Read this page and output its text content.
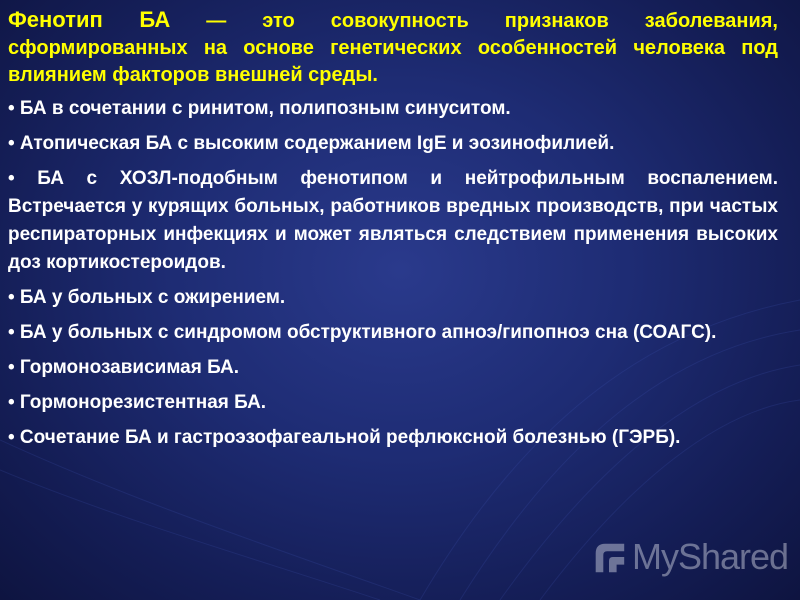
Фенотип БА — это совокупность признаков заболевания, сформированных на основе генетических особенностей человека под влиянием факторов внешней среды.

• БА в сочетании с ринитом, полипозным синуситом.
• Атопическая БА с высоким содержанием IgE и эозинофилией.
• БА с ХОЗЛ-подобным фенотипом и нейтрофильным воспалением. Встречается у курящих больных, работников вредных производств, при частых респираторных инфекциях и может являться следствием применения высоких доз кортикостероидов.
• БА у больных с ожирением.
• БА у больных с синдромом обструктивного апноэ/гипопноэ сна (СОАГС).
• Гормонозависимая БА.
• Гормонорезистентная БА.
• Сочетание БА и гастроэзофагеальной рефлюксной болезнью (ГЭРБ).
MyShared
